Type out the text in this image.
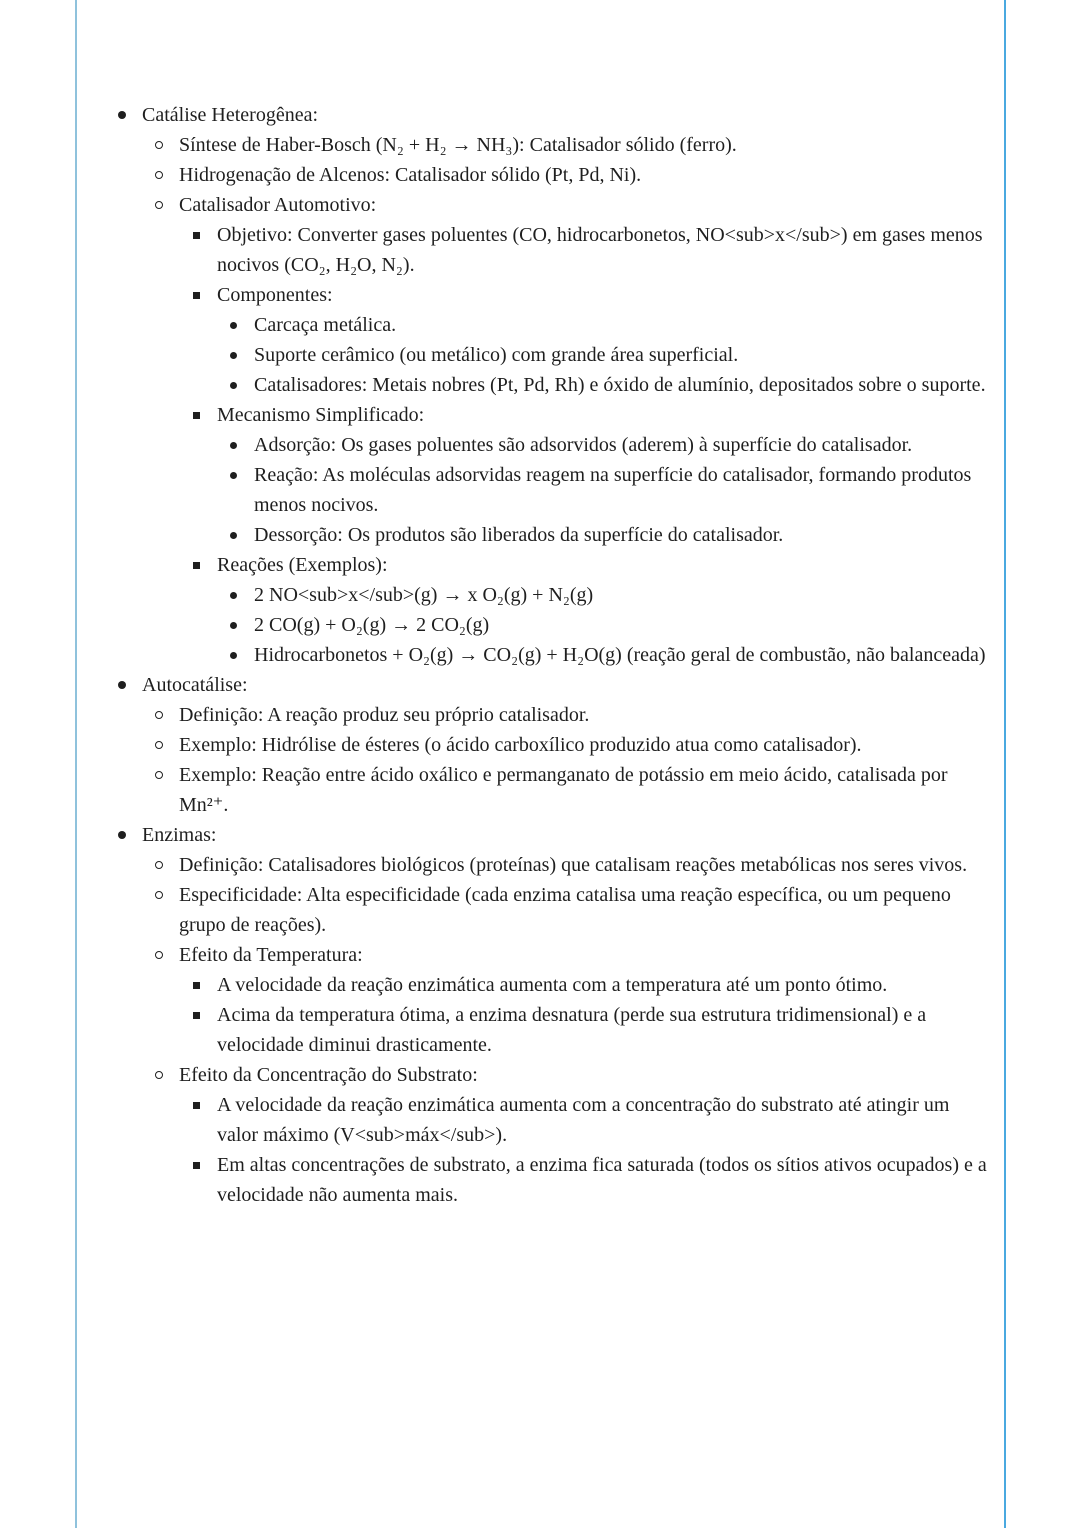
Catálise Heterogênea:
Síntese de Haber-Bosch (N₂ + H₂ → NH₃): Catalisador sólido (ferro).
Hidrogenação de Alcenos: Catalisador sólido (Pt, Pd, Ni).
Catalisador Automotivo:
Objetivo: Converter gases poluentes (CO, hidrocarbonetos, NO<sub>x</sub>) em gases menos nocivos (CO₂, H₂O, N₂).
Componentes:
Carcaça metálica.
Suporte cerâmico (ou metálico) com grande área superficial.
Catalisadores: Metais nobres (Pt, Pd, Rh) e óxido de alumínio, depositados sobre o suporte.
Mecanismo Simplificado:
Adsorção: Os gases poluentes são adsorvidos (aderem) à superfície do catalisador.
Reação: As moléculas adsorvidas reagem na superfície do catalisador, formando produtos menos nocivos.
Dessorção: Os produtos são liberados da superfície do catalisador.
Reações (Exemplos):
2 NO<sub>x</sub>(g) → x O₂(g) + N₂(g)
2 CO(g) + O₂(g) → 2 CO₂(g)
Hidrocarbonetos + O₂(g) → CO₂(g) + H₂O(g) (reação geral de combustão, não balanceada)
Autocatálise:
Definição: A reação produz seu próprio catalisador.
Exemplo: Hidrólise de ésteres (o ácido carboxílico produzido atua como catalisador).
Exemplo: Reação entre ácido oxálico e permanganato de potássio em meio ácido, catalisada por Mn²⁺.
Enzimas:
Definição: Catalisadores biológicos (proteínas) que catalisam reações metabólicas nos seres vivos.
Especificidade: Alta especificidade (cada enzima catalisa uma reação específica, ou um pequeno grupo de reações).
Efeito da Temperatura:
A velocidade da reação enzimática aumenta com a temperatura até um ponto ótimo.
Acima da temperatura ótima, a enzima desnatura (perde sua estrutura tridimensional) e a velocidade diminui drasticamente.
Efeito da Concentração do Substrato:
A velocidade da reação enzimática aumenta com a concentração do substrato até atingir um valor máximo (V<sub>máx</sub>).
Em altas concentrações de substrato, a enzima fica saturada (todos os sítios ativos ocupados) e a velocidade não aumenta mais.
